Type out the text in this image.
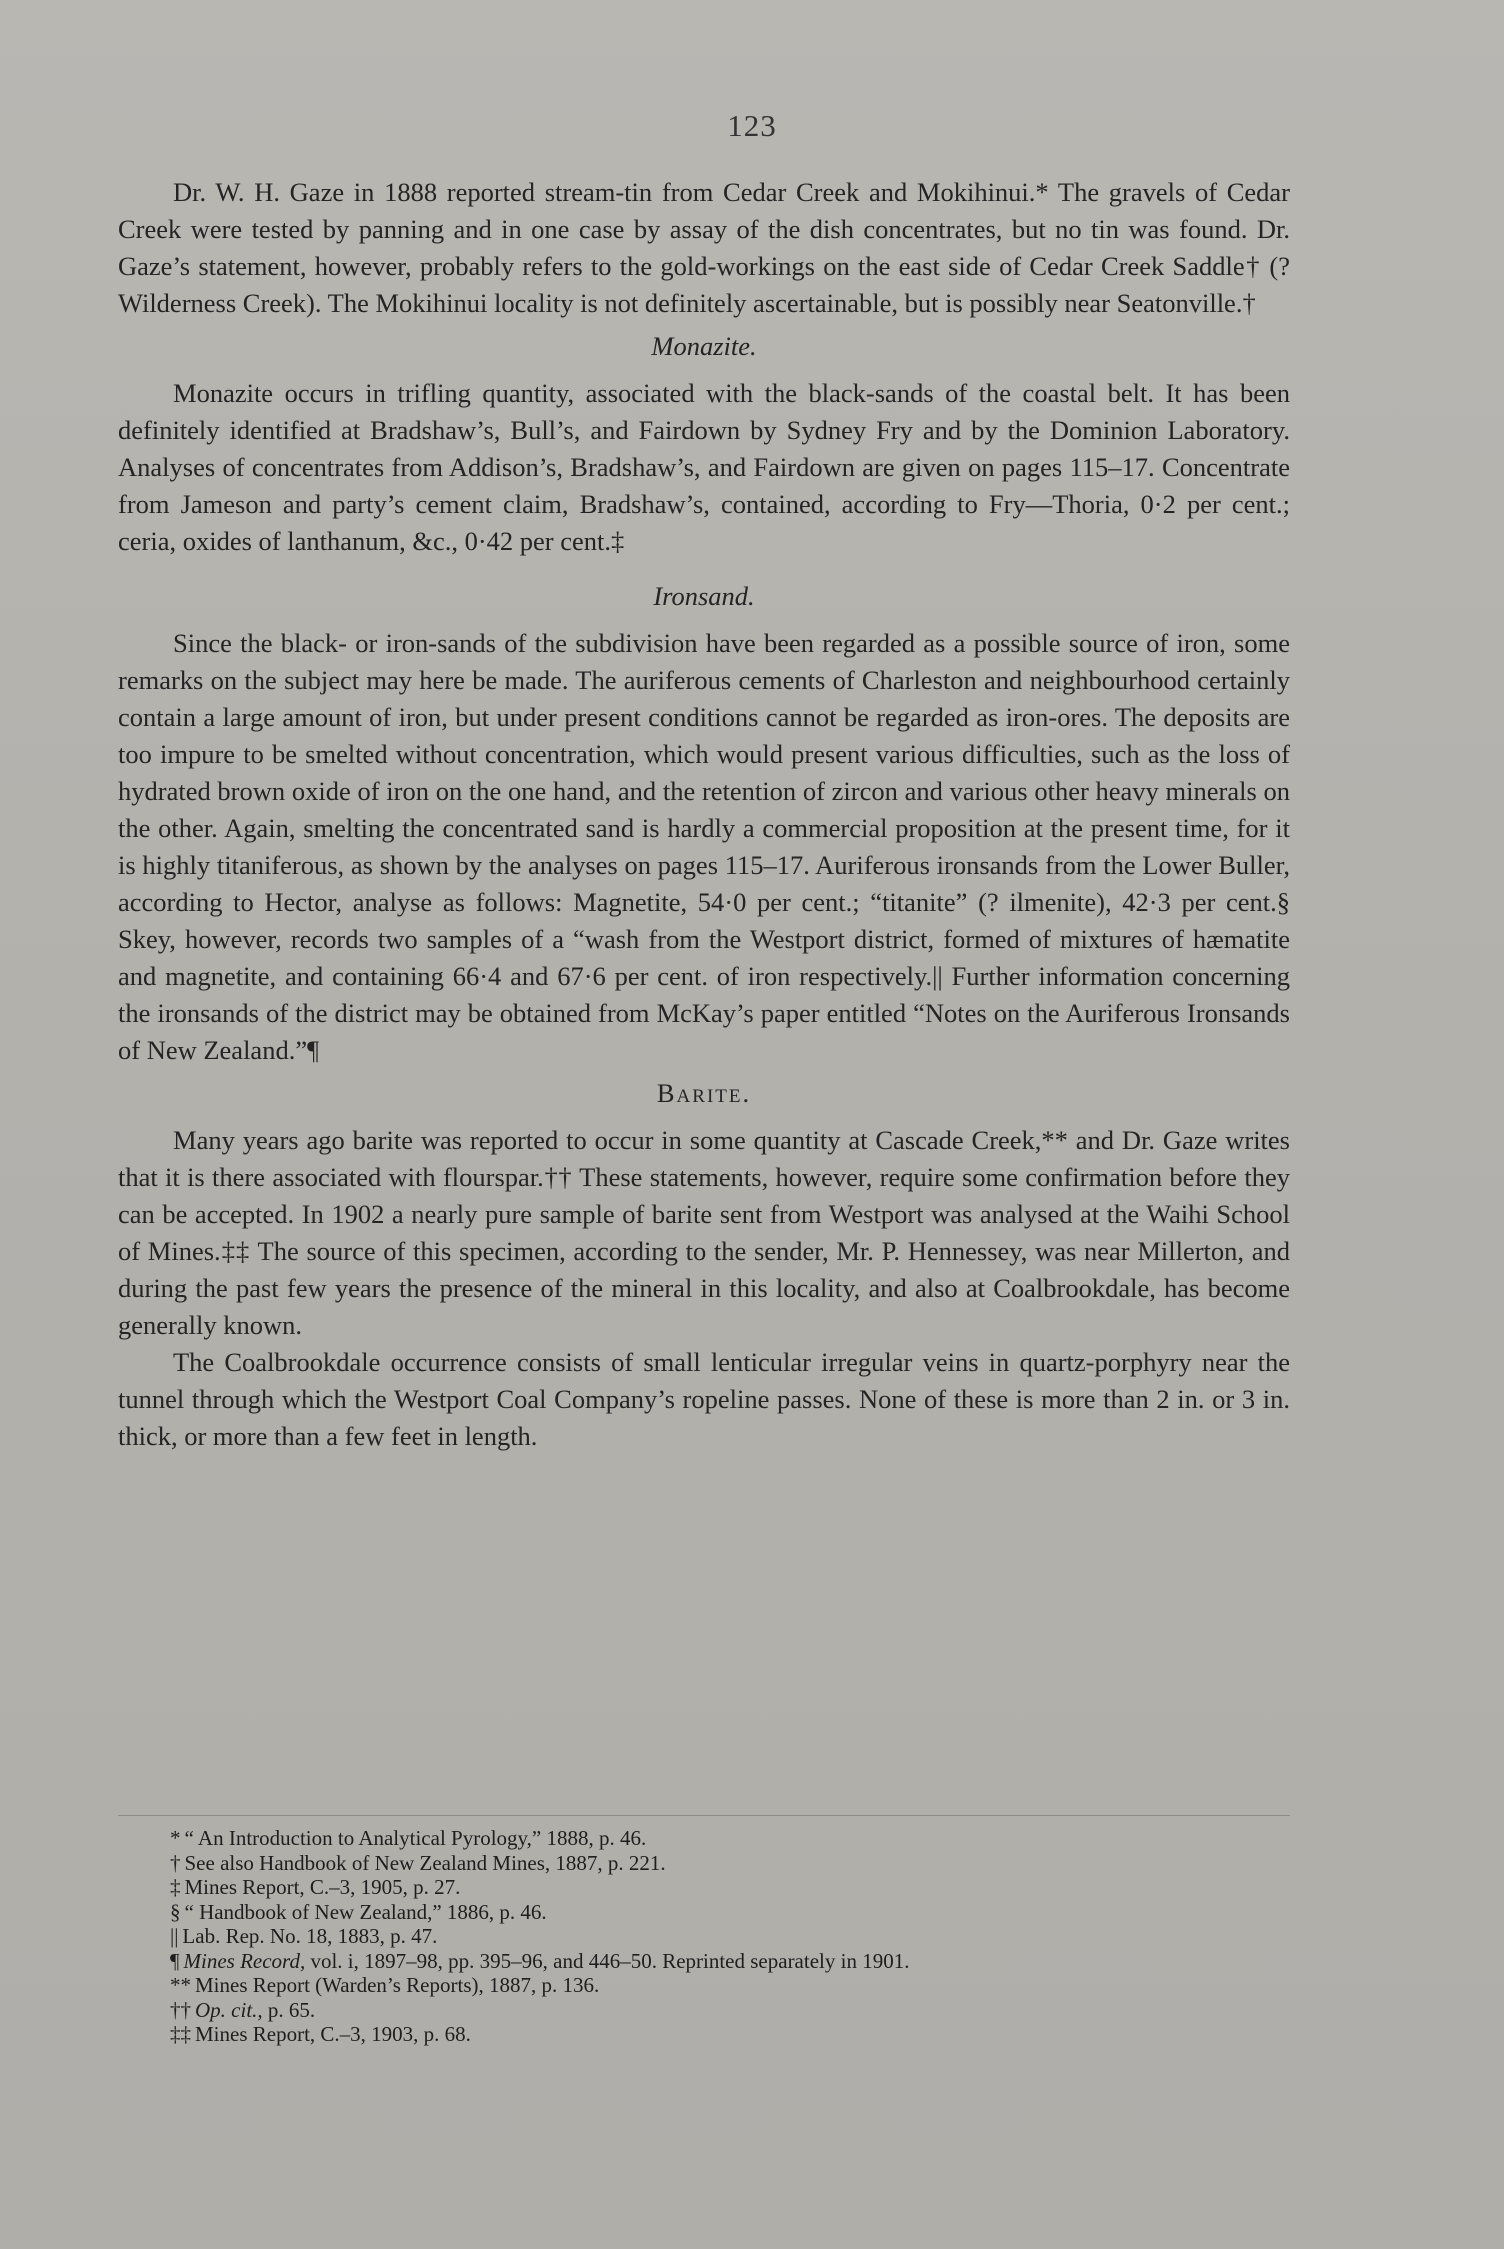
123

Dr. W. H. Gaze in 1888 reported stream-tin from Cedar Creek and Mokihinui.* The gravels of Cedar Creek were tested by panning and in one case by assay of the dish concentrates, but no tin was found. Dr. Gaze’s statement, however, probably refers to the gold-workings on the east side of Cedar Creek Saddle† (? Wilderness Creek). The Mokihinui locality is not definitely ascertainable, but is possibly near Seatonville.†

Monazite.

Monazite occurs in trifling quantity, associated with the black-sands of the coastal belt. It has been definitely identified at Bradshaw’s, Bull’s, and Fairdown by Sydney Fry and by the Dominion Laboratory. Analyses of concentrates from Addison’s, Bradshaw’s, and Fairdown are given on pages 115–17. Concentrate from Jameson and party’s cement claim, Bradshaw’s, contained, according to Fry—Thoria, 0·2 per cent.; ceria, oxides of lanthanum, &c., 0·42 per cent.‡

Ironsand.

Since the black- or iron-sands of the subdivision have been regarded as a possible source of iron, some remarks on the subject may here be made. The auriferous cements of Charleston and neighbourhood certainly contain a large amount of iron, but under present conditions cannot be regarded as iron-ores. The deposits are too impure to be smelted without concentration, which would present various difficulties, such as the loss of hydrated brown oxide of iron on the one hand, and the retention of zircon and various other heavy minerals on the other. Again, smelting the concentrated sand is hardly a commercial proposition at the present time, for it is highly titaniferous, as shown by the analyses on pages 115–17. Auriferous ironsands from the Lower Buller, according to Hector, analyse as follows: Magnetite, 54·0 per cent.; “titanite” (? ilmenite), 42·3 per cent.§ Skey, however, records two samples of a “wash from the Westport district, formed of mixtures of hæmatite and magnetite, and containing 66·4 and 67·6 per cent. of iron respectively.|| Further information concerning the ironsands of the district may be obtained from McKay’s paper entitled “Notes on the Auriferous Ironsands of New Zealand.”¶

Barite.

Many years ago barite was reported to occur in some quantity at Cascade Creek,** and Dr. Gaze writes that it is there associated with flourspar.†† These statements, however, require some confirmation before they can be accepted. In 1902 a nearly pure sample of barite sent from Westport was analysed at the Waihi School of Mines.‡‡ The source of this specimen, according to the sender, Mr. P. Hennessey, was near Millerton, and during the past few years the presence of the mineral in this locality, and also at Coalbrookdale, has become generally known.

The Coalbrookdale occurrence consists of small lenticular irregular veins in quartz-porphyry near the tunnel through which the Westport Coal Company’s ropeline passes. None of these is more than 2 in. or 3 in. thick, or more than a few feet in length.

* “ An Introduction to Analytical Pyrology,” 1888, p. 46.
† See also Handbook of New Zealand Mines, 1887, p. 221.
‡ Mines Report, C.–3, 1905, p. 27.
§ “ Handbook of New Zealand,” 1886, p. 46.
|| Lab. Rep. No. 18, 1883, p. 47.
¶ Mines Record, vol. i, 1897–98, pp. 395–96, and 446–50. Reprinted separately in 1901.
** Mines Report (Warden’s Reports), 1887, p. 136.
†† Op. cit., p. 65.
‡‡ Mines Report, C.–3, 1903, p. 68.
